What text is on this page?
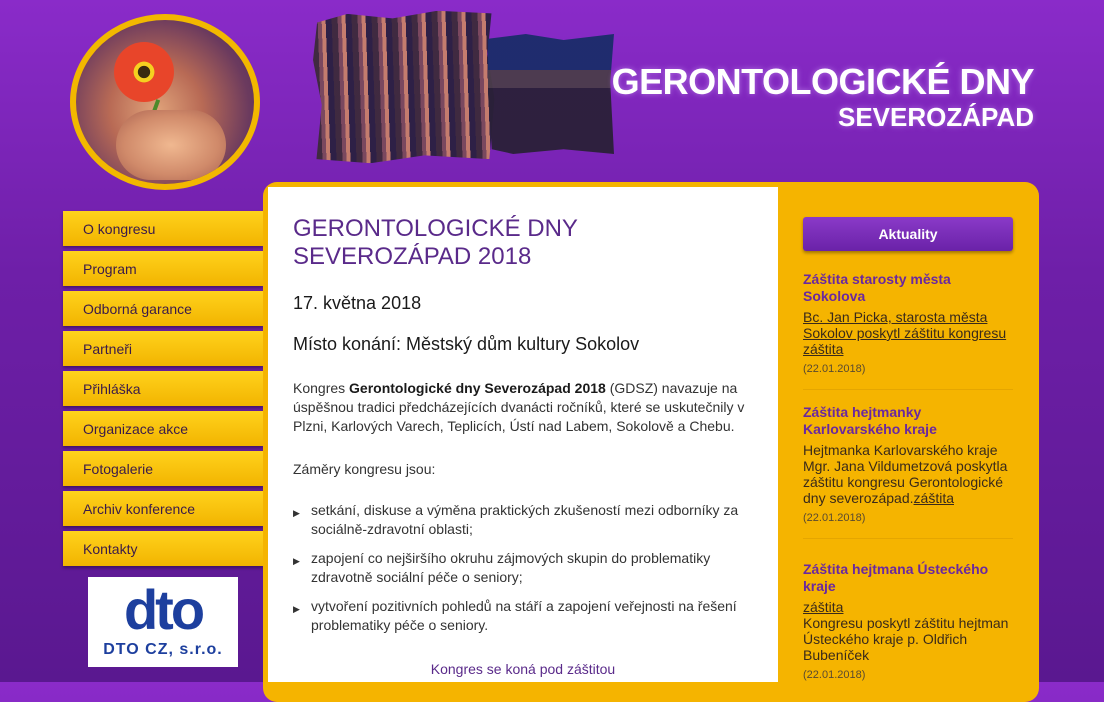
GERONTOLOGICKÉ DNY
SEVEROZÁPAD
O kongresu
Program
Odborná garance
Partneři
Přihláška
Organizace akce
Fotogalerie
Archiv konference
Kontakty
dto
DTO CZ, s.r.o.
GERONTOLOGICKÉ DNY SEVEROZÁPAD 2018
17. května 2018
Místo konání: Městský dům kultury Sokolov

Kongres Gerontologické dny Severozápad 2018 (GDSZ) navazuje na úspěšnou tradici předcházejících dvanácti ročníků, které se uskutečnily v Plzni, Karlových Varech, Teplicích, Ústí nad Labem, Sokolově a Chebu.

Záměry kongresu jsou:

▶ setkání, diskuse a výměna praktických zkušeností mezi odborníky za sociálně-zdravotní oblasti;
▶ zapojení co nejširšího okruhu zájmových skupin do problematiky zdravotně sociální péče o seniory;
▶ vytvoření pozitivních pohledů na stáří a zapojení veřejnosti na řešení problematiky péče o seniory.
Kongres se koná pod záštitou
Aktuality
Záštita starosty města Sokolova
Bc. Jan Picka, starosta města Sokolov poskytl záštitu kongresu záštita
(22.01.2018)
Záštita hejtmanky Karlovarského kraje
Hejtmanka Karlovarského kraje Mgr. Jana Vildumetzová poskytla záštitu kongresu Gerontologické dny severozápad.záštita
(22.01.2018)
Záštita hejtmana Ústeckého kraje
záštita
Kongresu poskytl záštitu hejtman Ústeckého kraje p. Oldřich Bubeníček
(22.01.2018)
